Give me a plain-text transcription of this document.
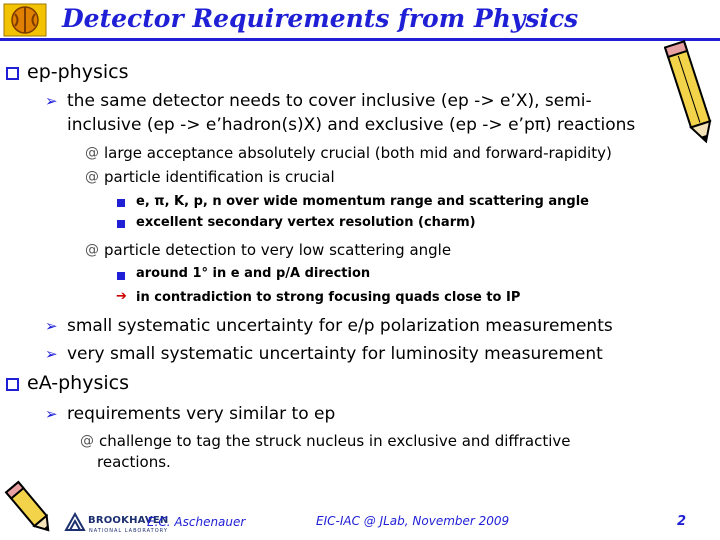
Detector Requirements from Physics
ep-physics
➢ the same detector needs to cover inclusive (ep -> e’X), semi-
inclusive (ep -> e’hadron(s)X) and exclusive (ep -> e’pπ) reactions
@ large acceptance absolutely crucial (both mid and forward-rapidity)
@ particle identification is crucial
e, π, K, p, n over wide momentum range and scattering angle
excellent secondary vertex resolution (charm)
@ particle detection to very low scattering angle
around 1° in e and p/A direction
➔ in contradiction to strong focusing quads close to IP
➢ small systematic uncertainty for e/p polarization measurements
➢ very small systematic uncertainty for luminosity measurement
eA-physics
➢ requirements very similar to ep
@ challenge to tag the struck nucleus in exclusive and diffractive
reactions.
BROOKHAVEN
NATIONAL LABORATORY
E.C. Aschenauer	EIC-IAC @ JLab, November 2009	2
